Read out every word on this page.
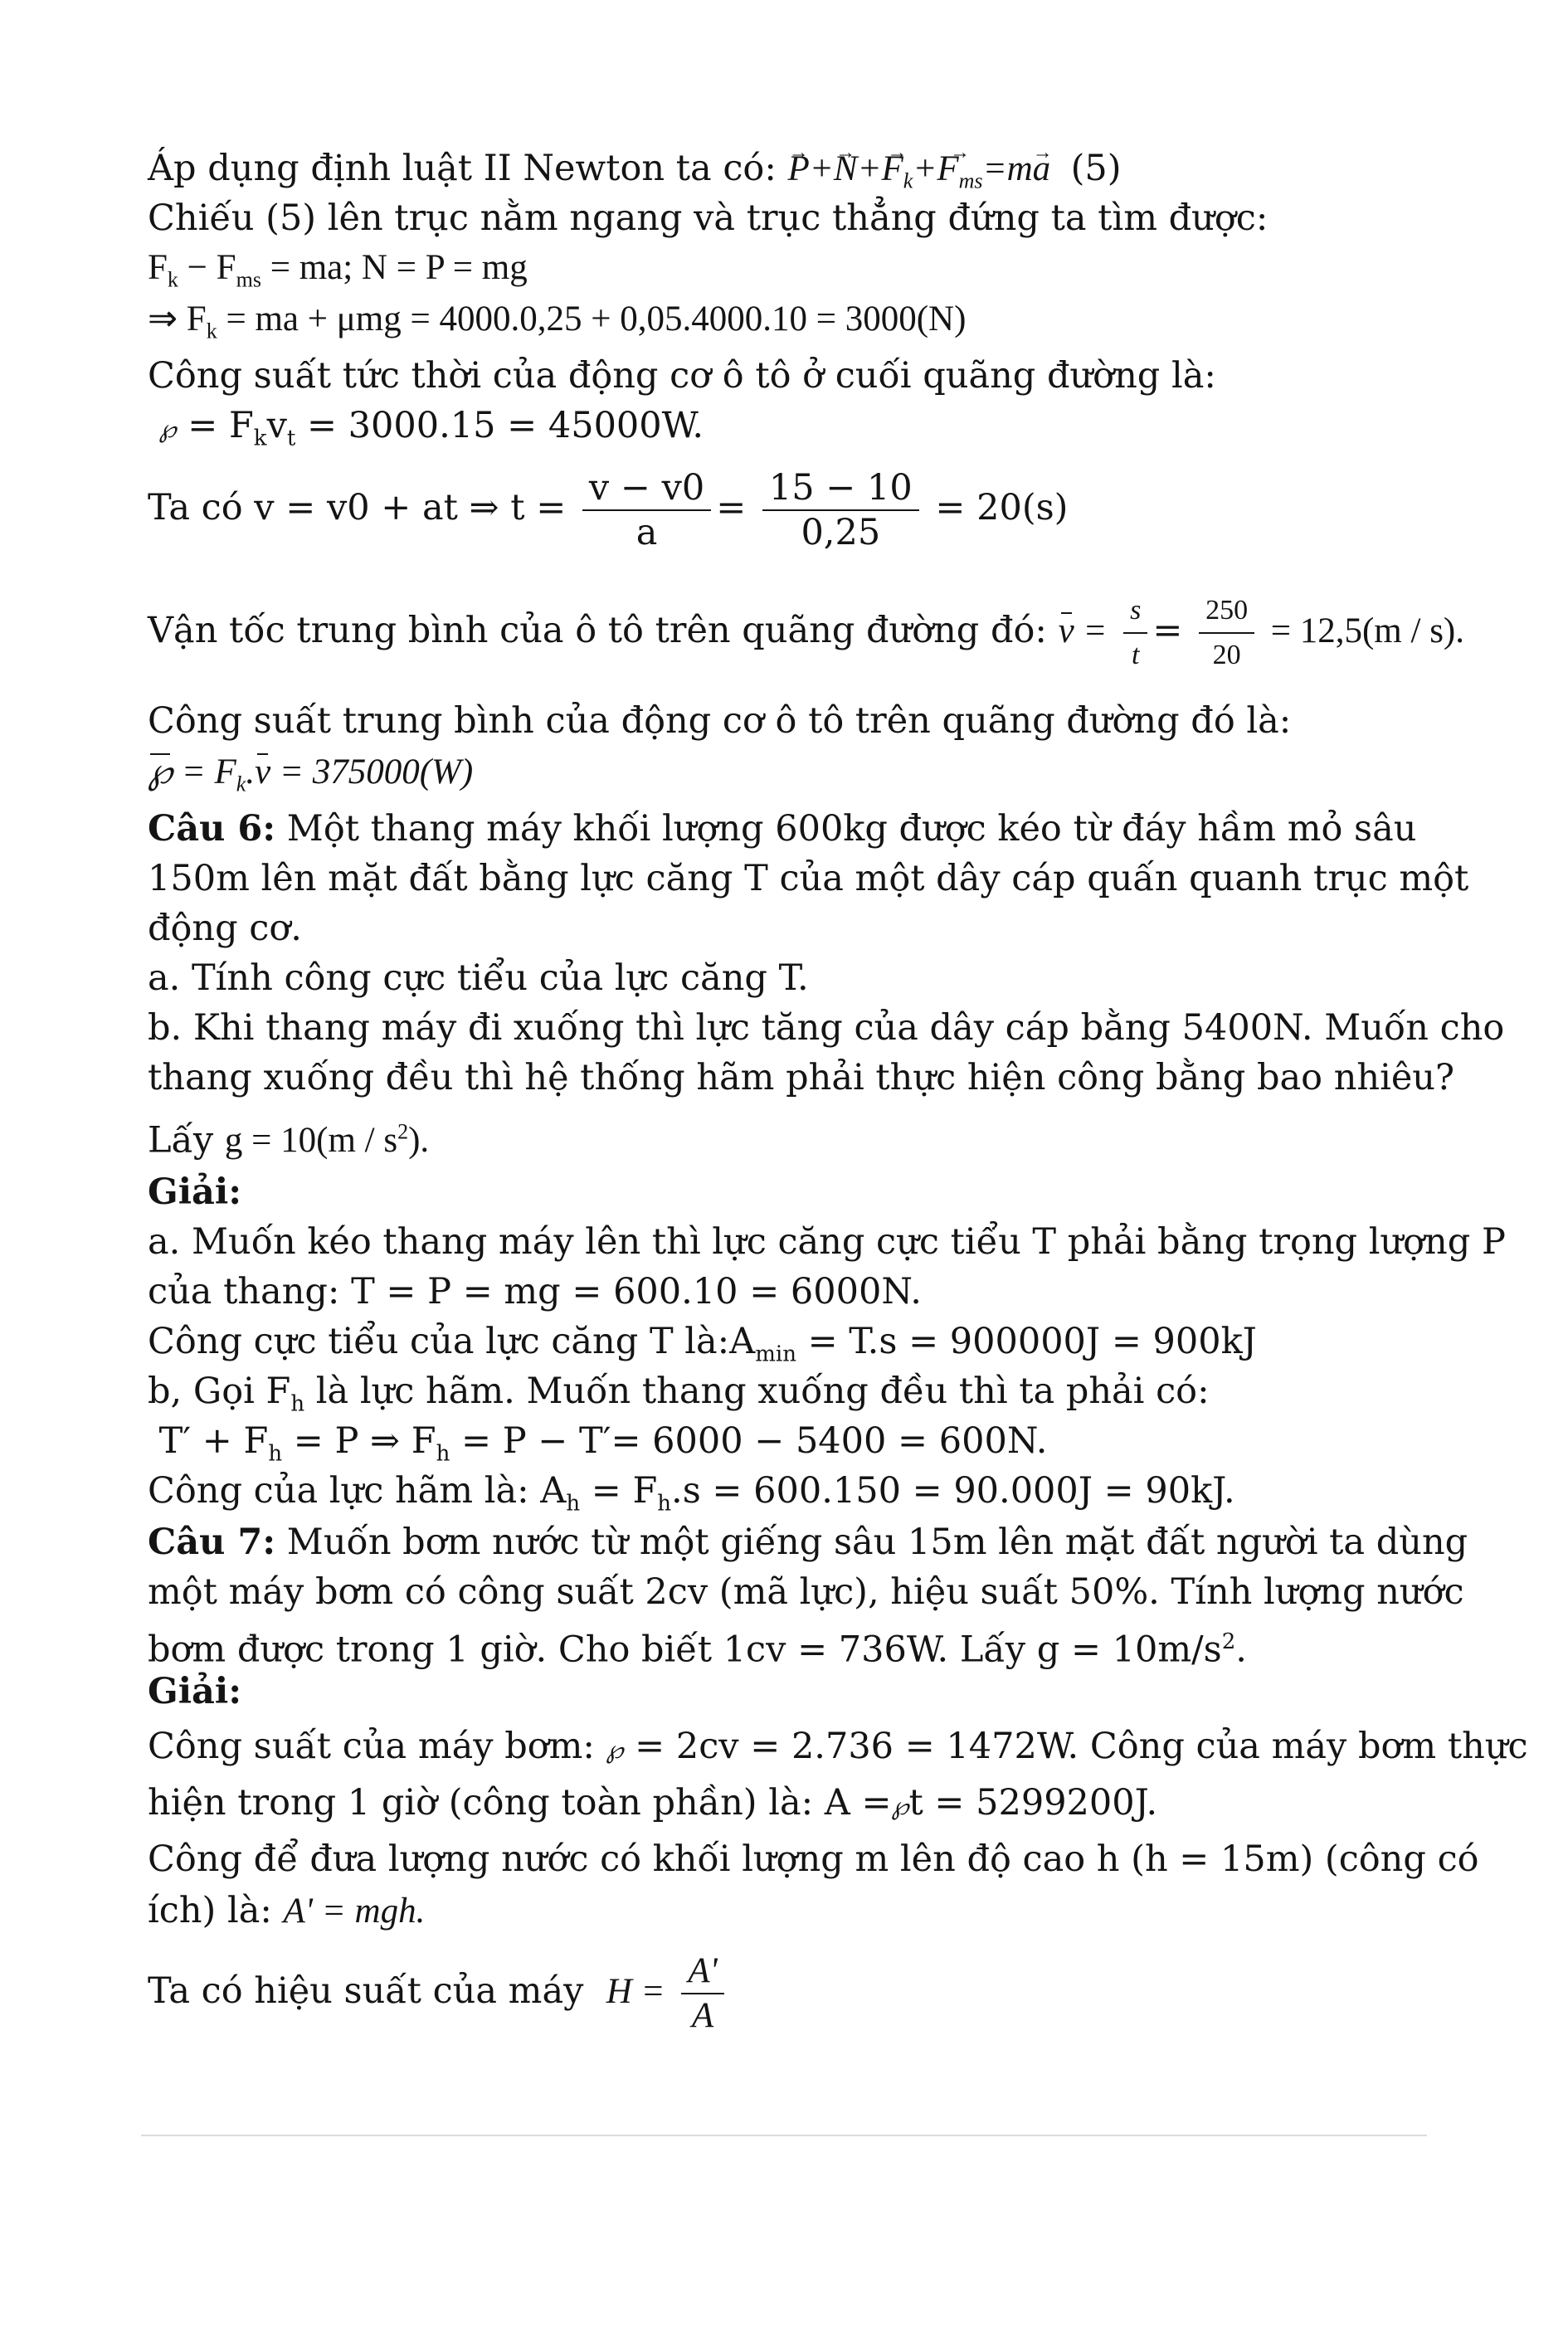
Áp dụng định luật II Newton ta có: → $P+\to N+\to F_k+\to F_{ms}=m\to a$ (5)
Chiếu (5) lên trục nằm ngang và trục thẳng đứng ta tìm được:
$F_k - F_{ms}$ = ma; N = P = mg
⇒ $F_k$ = ma + μmg = 4000.0,25 + 0,05.4000.10 = 3000(N)
Công suất tức thời của động cơ ô tô ở cuối quãng đường là:
℘ = $F_kv_t = 3000.15 = 45000W$.
Ta có v = v0 + at ⇒ $t = \frac{v - v0}{a} = \frac{15 - 10}{0,25} = 20(s)$
Vận tốc trung bình của ô tô trên quãng đường đó: $v = \frac{s}{t} = \frac{250}{20} = 12,5(m / s)$.
Công suất trung bình của động cơ ô tô trên quãng đường đó là:
℘ = $F_k.v = 375000(W)$
Câu 6: Một thang máy khối lượng 600kg được kéo từ đáy hầm mỏ sâu
150m lên mặt đất bằng lực căng T của một dây cáp quấn quanh trục một
động cơ.
a. Tính công cực tiểu của lực căng T.
b. Khi thang máy đi xuống thì lực tăng của dây cáp bằng 5400N. Muốn cho
thang xuống đều thì hệ thống hãm phải thực hiện công bằng bao nhiêu?
Lấy $g = 10(m / s^2)$.
Giải:
a. Muốn kéo thang máy lên thì lực căng cực tiểu T phải bằng trọng lượng P
của thang: T = P = mg = 600.10 = 6000N.
Công cực tiểu của lực căng T $là:A_{min} = T.s = 900000J = 900kJ$
b, Gọi $F_h$ là lực hãm. Muốn thang xuống đều thì ta phải có:
$T' + F_h = P$ ⇒ $F_h = P - T'= 6000 - 5400 = 600N$.
Công của lực hãm là: $A_h = F_h.s = 600.150 = 90.000J = 90kJ$.
Câu 7: Muốn bơm nước từ một giếng sâu 15m lên mặt đất người ta dùng
một máy bơm có công suất 2cv (mã lực), hiệu suất 50%. Tính lượng nước
bơm được trong 1 giờ. Cho biết 1cv = 736W. Lấy $g = 10m/s^2$.
Giải:
Công suất của máy bơm: ℘ = 2cv = 2.736 = 1472W. Công của máy bơm thực
hiện trong 1 giờ (công toàn phần) là: A =℘t = 5299200J.
Công để đưa lượng nước có khối lượng m lên độ cao h (h = 15m) (công có
ích) là: A' = mgh.
Ta có hiệu suất của máy $H = \frac{A'}{A}$
